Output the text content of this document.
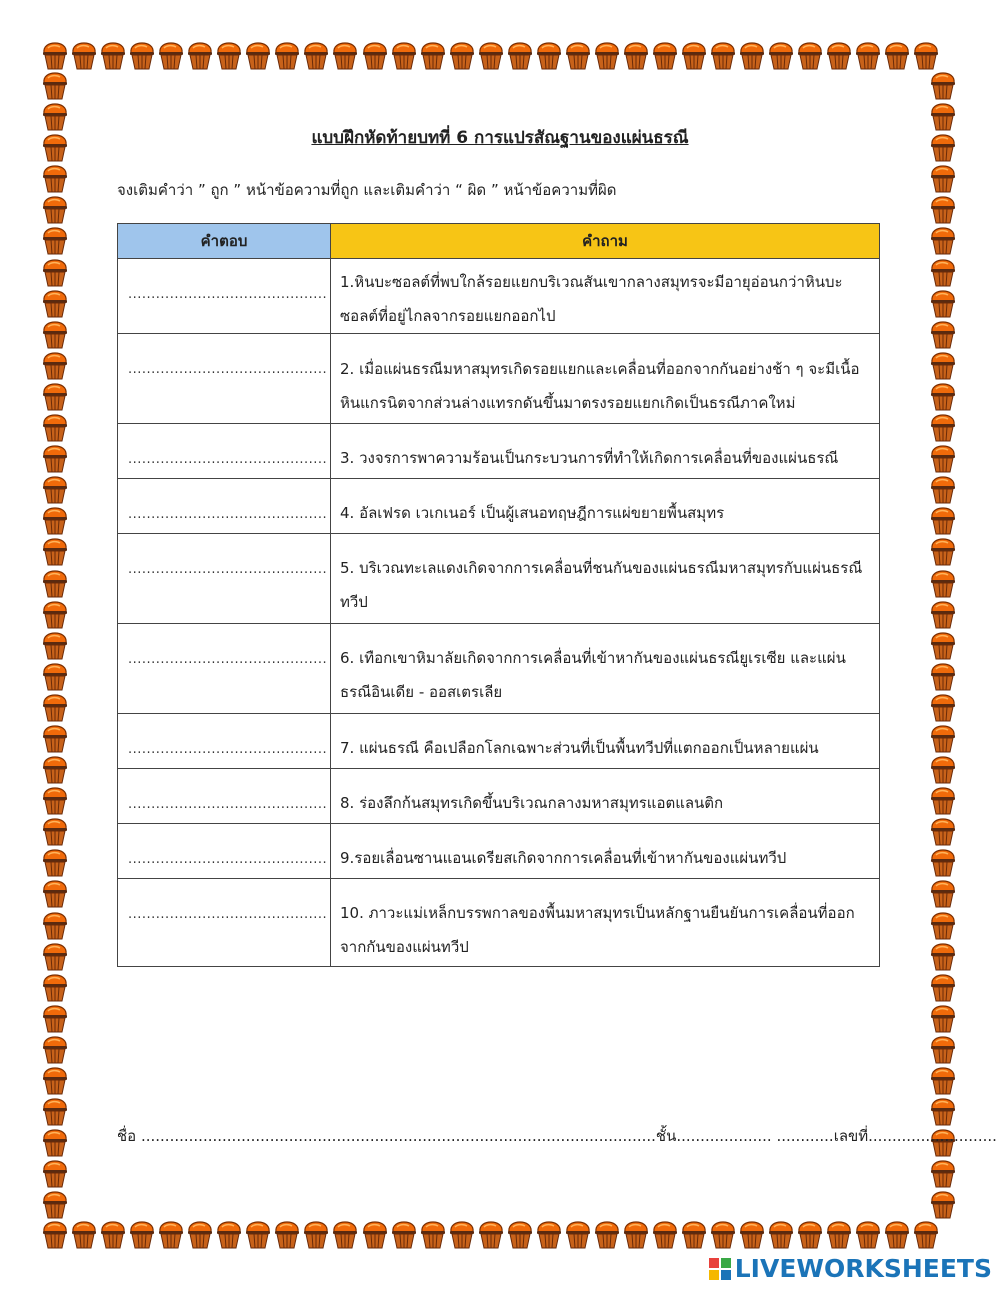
แบบฝึกหัดท้ายบทที่ 6 การแปรสัณฐานของแผ่นธรณี
จงเติมคำว่า ” ถูก ” หน้าข้อความที่ถูก และเติมคำว่า “ ผิด ” หน้าข้อความที่ผิด
คำตอบ	คำถาม

...........................................	1.หินบะซอลต์ที่พบใกล้รอยแยกบริเวณสันเขากลางสมุทรจะมีอายุอ่อนกว่าหินบะซอลต์ที่อยู่ไกลจากรอยแยกออกไป

...........................................	2. เมื่อแผ่นธรณีมหาสมุทรเกิดรอยแยกและเคลื่อนที่ออกจากกันอย่างช้า ๆ จะมีเนื้อหินแกรนิตจากส่วนล่างแทรกดันขึ้นมาตรงรอยแยกเกิดเป็นธรณีภาคใหม่

...........................................	3. วงจรการพาความร้อนเป็นกระบวนการที่ทำให้เกิดการเคลื่อนที่ของแผ่นธรณี

...........................................	4. อัลเฟรด เวเกเนอร์ เป็นผู้เสนอทฤษฎีการแผ่ขยายพื้นสมุทร

...........................................	5. บริเวณทะเลแดงเกิดจากการเคลื่อนที่ชนกันของแผ่นธรณีมหาสมุทรกับแผ่นธรณีทวีป

...........................................	6. เทือกเขาหิมาลัยเกิดจากการเคลื่อนที่เข้าหากันของแผ่นธรณียูเรเซีย และแผ่นธรณีอินเดีย - ออสเตรเลีย

...........................................	7. แผ่นธรณี คือเปลือกโลกเฉพาะส่วนที่เป็นพื้นทวีปที่แตกออกเป็นหลายแผ่น

...........................................	8. ร่องลึกก้นสมุทรเกิดขึ้นบริเวณกลางมหาสมุทรแอตแลนติก

...........................................	9.รอยเลื่อนซานแอนเดรียสเกิดจากการเคลื่อนที่เข้าหากันของแผ่นทวีป

...........................................	10. ภาวะแม่เหล็กบรรพกาลของพื้นมหาสมุทรเป็นหลักฐานยืนยันการเคลื่อนที่ออกจากกันของแผ่นทวีป
ชื่อ ............................................................................................................ชั้น.................... ............เลขที่...........................
LIVEWORKSHEETS
